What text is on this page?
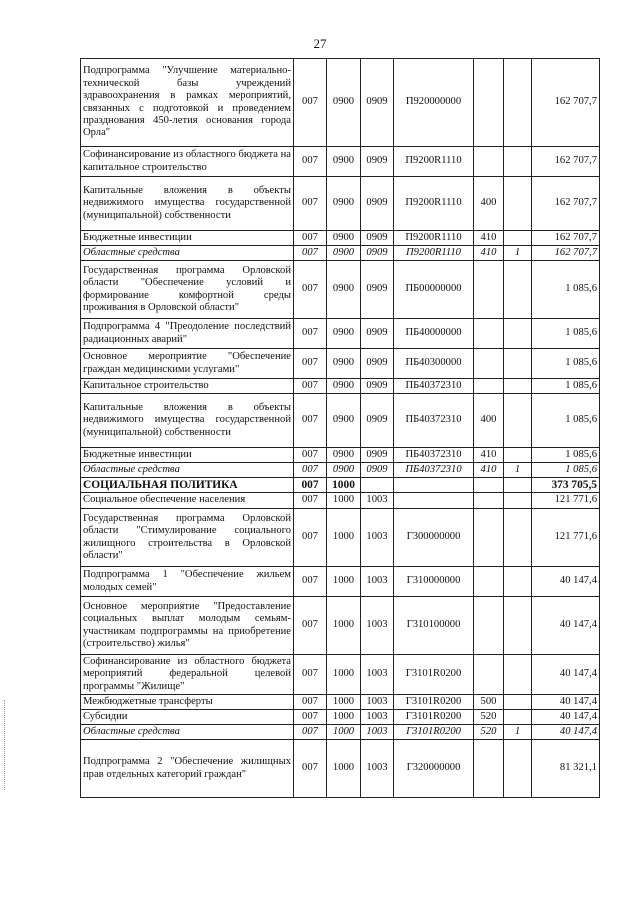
27
Подпрограмма "Улучшение материально-технической базы учреждений здравоохранения в рамках мероприятий, связанных с подготовкой и проведением празднования 450-летия основания города Орла"	007	0900	0909	П920000000			162 707,7
Софинансирование из областного бюджета на капитальное строительство	007	0900	0909	П9200R1110			162 707,7
Капитальные вложения в объекты недвижимого имущества государственной (муниципальной) собственности	007	0900	0909	П9200R1110	400		162 707,7
Бюджетные инвестиции	007	0900	0909	П9200R1110	410		162 707,7
Областные средства	007	0900	0909	П9200R1110	410	1	162 707,7
Государственная программа Орловской области "Обеспечение условий и формирование комфортной среды проживания в Орловской области"	007	0900	0909	ПБ00000000			1 085,6
Подпрограмма 4 "Преодоление последствий радиационных аварий"	007	0900	0909	ПБ40000000			1 085,6
Основное мероприятие "Обеспечение граждан медицинскими услугами"	007	0900	0909	ПБ40300000			1 085,6
Капитальное строительство	007	0900	0909	ПБ40372310			1 085,6
Капитальные вложения в объекты недвижимого имущества государственной (муниципальной) собственности	007	0900	0909	ПБ40372310	400		1 085,6
Бюджетные инвестиции	007	0900	0909	ПБ40372310	410		1 085,6
Областные средства	007	0900	0909	ПБ40372310	410	1	1 085,6
СОЦИАЛЬНАЯ ПОЛИТИКА	007	1000					373 705,5
Социальное обеспечение населения	007	1000	1003				121 771,6
Государственная программа Орловской области "Стимулирование социального жилищного строительства в Орловской области"	007	1000	1003	Г300000000			121 771,6
Подпрограмма 1 "Обеспечение жильем молодых семей"	007	1000	1003	Г310000000			40 147,4
Основное мероприятие "Предоставление социальных выплат молодым семьям-участникам подпрограммы на приобретение (строительство) жилья"	007	1000	1003	Г310100000			40 147,4
Софинансирование из областного бюджета мероприятий федеральной целевой программы "Жилище"	007	1000	1003	Г3101R0200			40 147,4
Межбюджетные трансферты	007	1000	1003	Г3101R0200	500		40 147,4
Субсидии	007	1000	1003	Г3101R0200	520		40 147,4
Областные средства	007	1000	1003	Г3101R0200	520	1	40 147,4
Подпрограмма 2 "Обеспечение жилищных прав отдельных категорий граждан"	007	1000	1003	Г320000000			81 321,1
